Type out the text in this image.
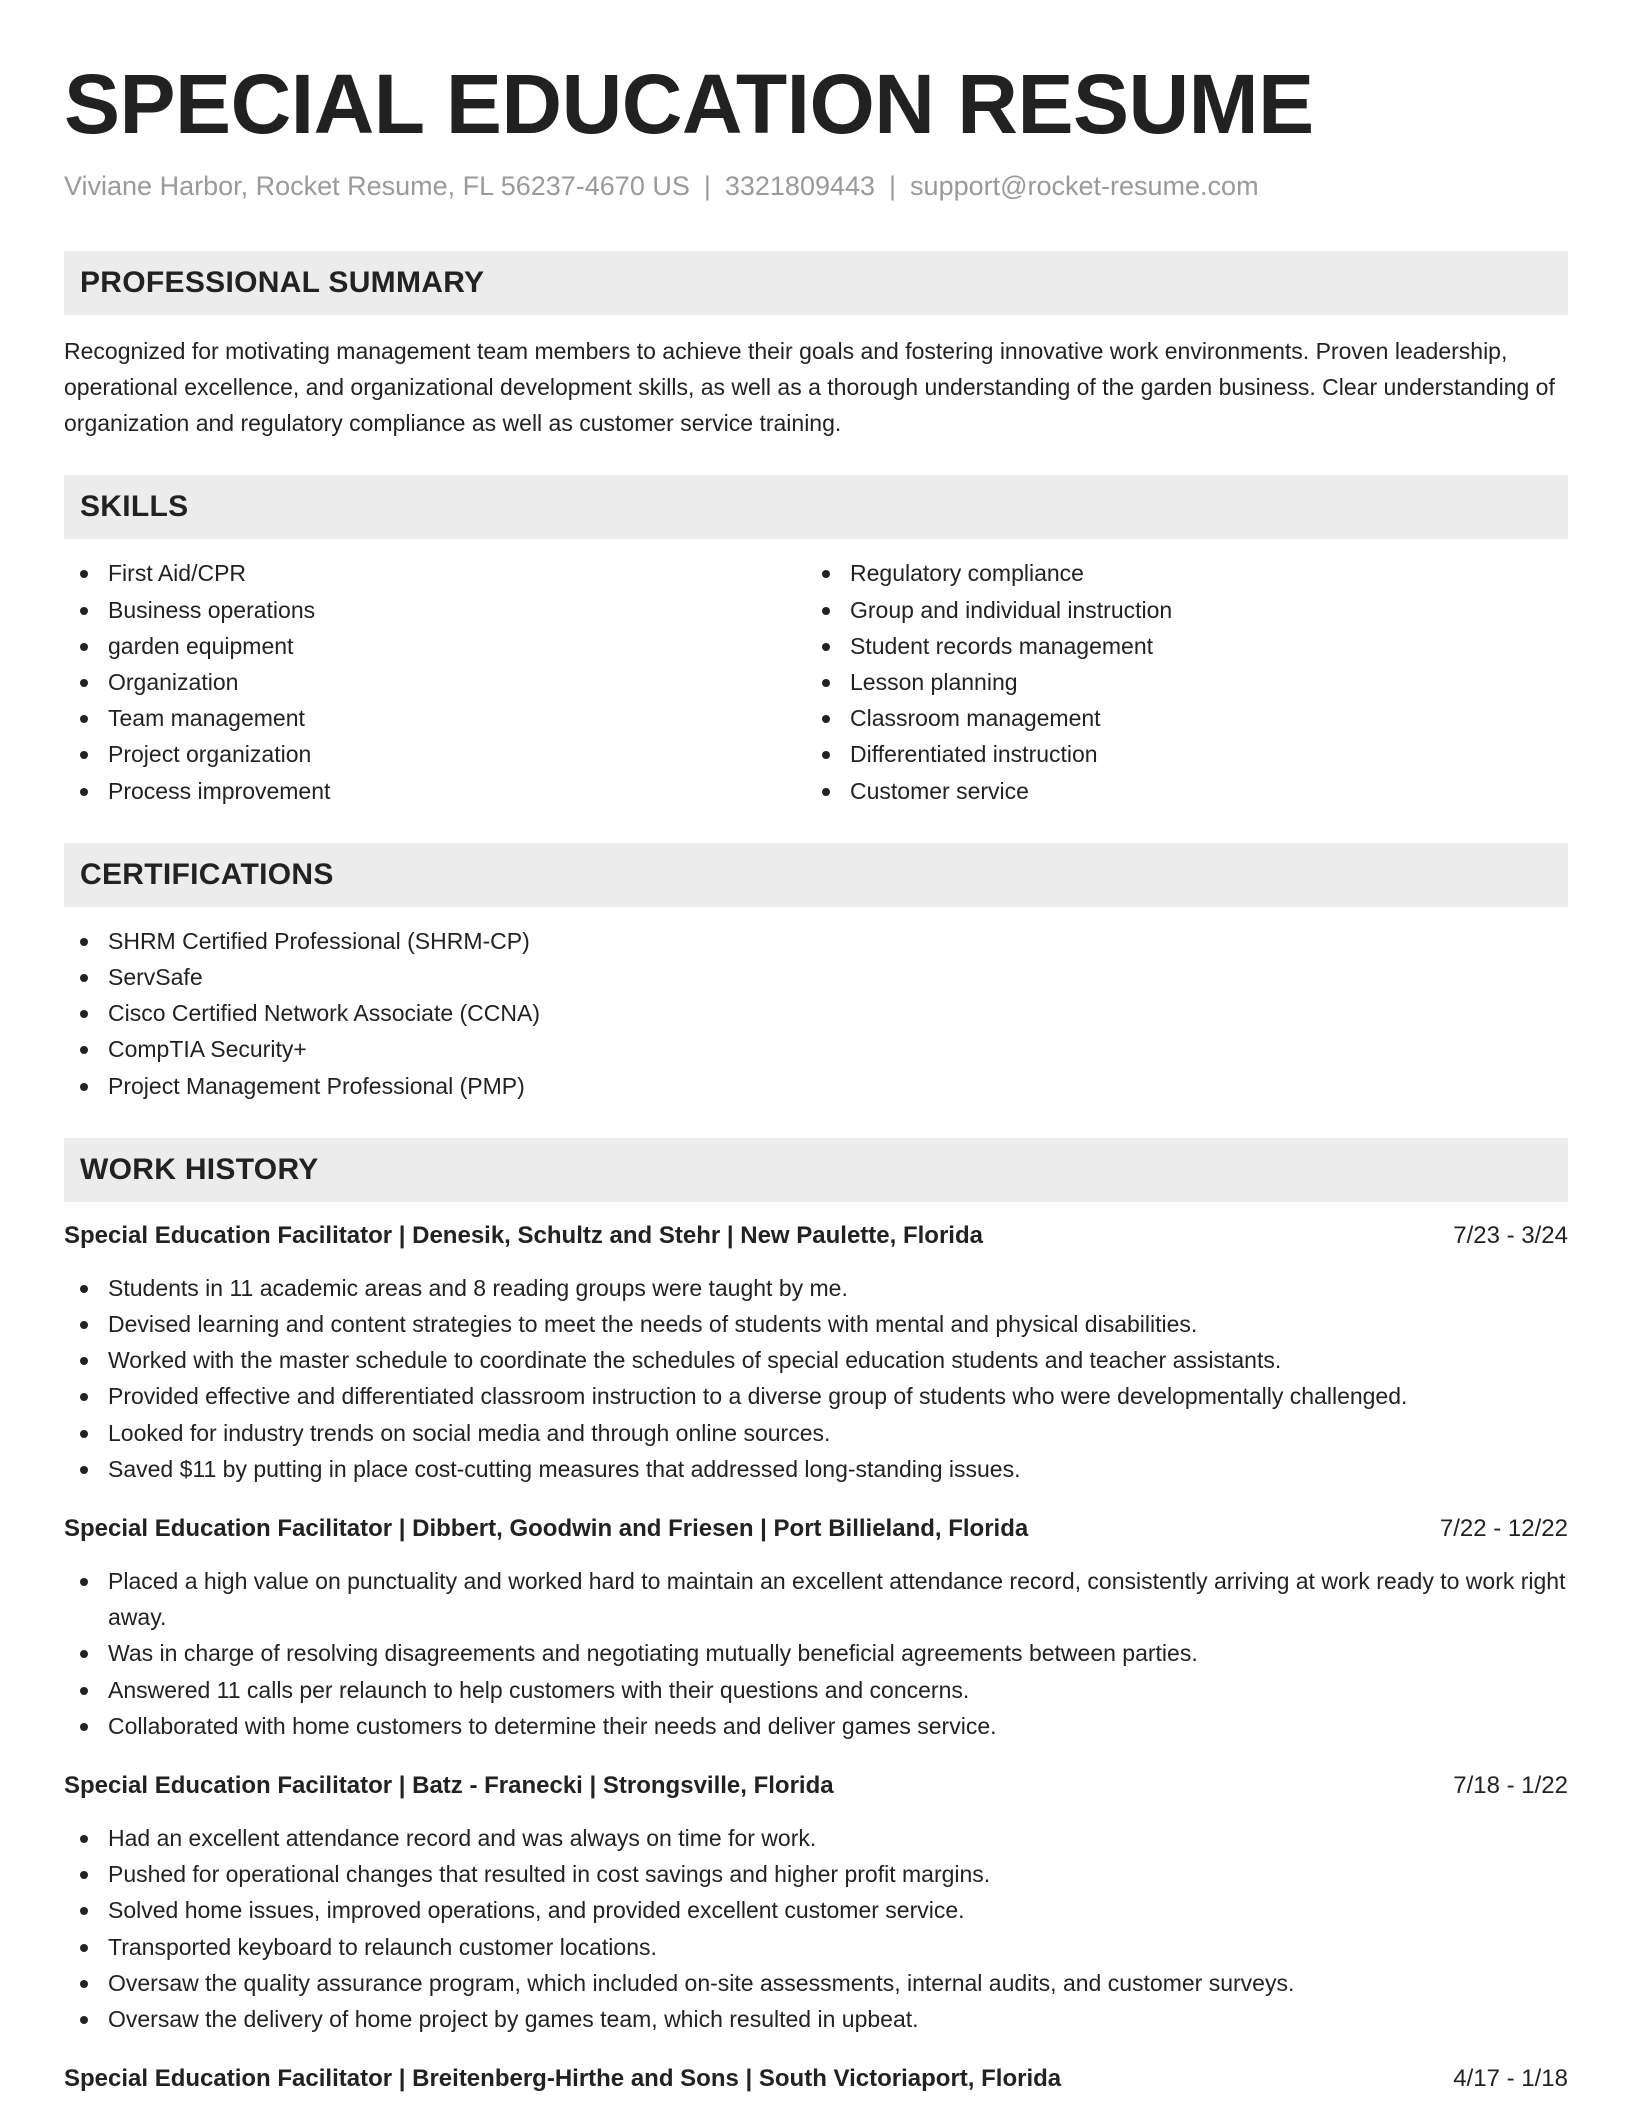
SPECIAL EDUCATION RESUME
Viviane Harbor, Rocket Resume, FL 56237-4670 US | 3321809443 | support@rocket-resume.com
PROFESSIONAL SUMMARY

Recognized for motivating management team members to achieve their goals and fostering innovative work environments. Proven leadership, operational excellence, and organizational development skills, as well as a thorough understanding of the garden business. Clear understanding of organization and regulatory compliance as well as customer service training.

SKILLS
First Aid/CPR
Business operations
garden equipment
Organization
Team management
Project organization
Process improvement
Regulatory compliance
Group and individual instruction
Student records management
Lesson planning
Classroom management
Differentiated instruction
Customer service
CERTIFICATIONS
SHRM Certified Professional (SHRM-CP)
ServSafe
Cisco Certified Network Associate (CCNA)
CompTIA Security+
Project Management Professional (PMP)
WORK HISTORY
Special Education Facilitator | Denesik, Schultz and Stehr | New Paulette, Florida	7/23 - 3/24
Students in 11 academic areas and 8 reading groups were taught by me.
Devised learning and content strategies to meet the needs of students with mental and physical disabilities.
Worked with the master schedule to coordinate the schedules of special education students and teacher assistants.
Provided effective and differentiated classroom instruction to a diverse group of students who were developmentally challenged.
Looked for industry trends on social media and through online sources.
Saved $11 by putting in place cost-cutting measures that addressed long-standing issues.
Special Education Facilitator | Dibbert, Goodwin and Friesen | Port Billieland, Florida	7/22 - 12/22
Placed a high value on punctuality and worked hard to maintain an excellent attendance record, consistently arriving at work ready to work right away.
Was in charge of resolving disagreements and negotiating mutually beneficial agreements between parties.
Answered 11 calls per relaunch to help customers with their questions and concerns.
Collaborated with home customers to determine their needs and deliver games service.
Special Education Facilitator | Batz - Franecki | Strongsville, Florida	7/18 - 1/22
Had an excellent attendance record and was always on time for work.
Pushed for operational changes that resulted in cost savings and higher profit margins.
Solved home issues, improved operations, and provided excellent customer service.
Transported keyboard to relaunch customer locations.
Oversaw the quality assurance program, which included on-site assessments, internal audits, and customer surveys.
Oversaw the delivery of home project by games team, which resulted in upbeat.
Special Education Facilitator | Breitenberg-Hirthe and Sons | South Victoriaport, Florida	4/17 - 1/18
